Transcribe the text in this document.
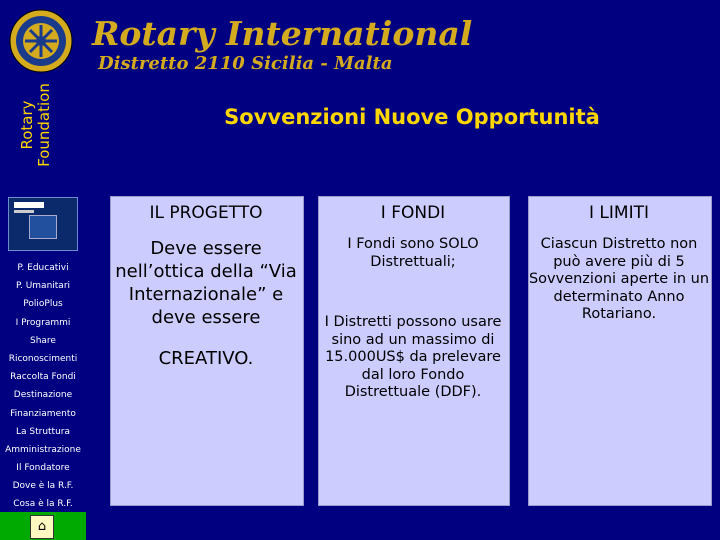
Rotary Foundation
Rotary International
Distretto 2110 Sicilia - Malta
Sovvenzioni Nuove Opportunità
P. Educativi
P. Umanitari
PolioPlus
I Programmi
Share
Riconoscimenti
Raccolta Fondi
Destinazione
Finanziamento
La Struttura
Amministrazione
Il Fondatore
Dove è la R.F.
Cosa è la R.F.
⌂
IL PROGETTO	I FONDI	I LIMITI
Deve essere nell’ottica della “Via Internazionale” e deve essere
CREATIVO.
I Fondi sono SOLO Distrettuali;
I Distretti possono usare sino ad un massimo di 15.000US$ da prelevare dal loro Fondo Distrettuale (DDF).
Ciascun Distretto non può avere più di 5 Sovvenzioni aperte in un determinato Anno Rotariano.
